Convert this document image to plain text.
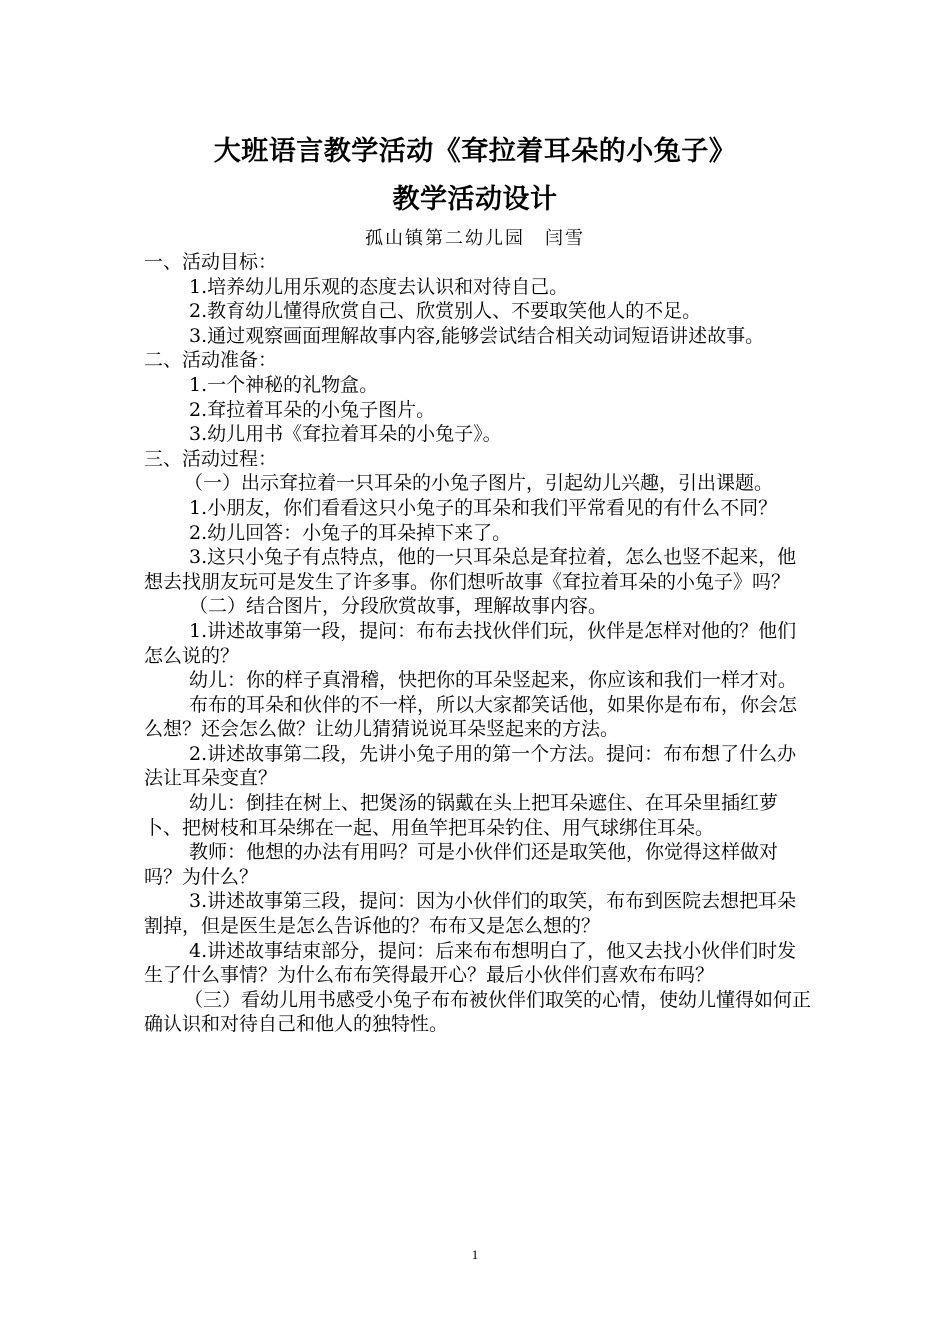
大班语言教学活动《耷拉着耳朵的小兔子》
教学活动设计
孤山镇第二幼儿园　闫雪

一、活动目标：

1.培养幼儿用乐观的态度去认识和对待自己。

2.教育幼儿懂得欣赏自己、欣赏别人、不要取笑他人的不足。

3.通过观察画面理解故事内容,能够尝试结合相关动词短语讲述故事。

二、活动准备：

1.一个神秘的礼物盒。

2.耷拉着耳朵的小兔子图片。

3.幼儿用书《耷拉着耳朵的小兔子》。

三、活动过程：

（一）出示耷拉着一只耳朵的小兔子图片，引起幼儿兴趣，引出课题。

1.小朋友，你们看看这只小兔子的耳朵和我们平常看见的有什么不同？

2.幼儿回答：小兔子的耳朵掉下来了。

3.这只小兔子有点特点，他的一只耳朵总是耷拉着，怎么也竖不起来，他想去找朋友玩可是发生了许多事。你们想听故事《耷拉着耳朵的小兔子》吗？

（二）结合图片，分段欣赏故事，理解故事内容。

1.讲述故事第一段，提问：布布去找伙伴们玩，伙伴是怎样对他的？他们怎么说的？

幼儿：你的样子真滑稽，快把你的耳朵竖起来，你应该和我们一样才对。

布布的耳朵和伙伴的不一样，所以大家都笑话他，如果你是布布，你会怎么想？还会怎么做？让幼儿猜猜说说耳朵竖起来的方法。

2.讲述故事第二段，先讲小兔子用的第一个方法。提问：布布想了什么办法让耳朵变直？

幼儿：倒挂在树上、把煲汤的锅戴在头上把耳朵遮住、在耳朵里插红萝卜、把树枝和耳朵绑在一起、用鱼竿把耳朵钓住、用气球绑住耳朵。

教师：他想的办法有用吗？可是小伙伴们还是取笑他，你觉得这样做对吗？为什么？

3.讲述故事第三段，提问：因为小伙伴们的取笑，布布到医院去想把耳朵割掉，但是医生是怎么告诉他的？布布又是怎么想的？

4.讲述故事结束部分，提问：后来布布想明白了，他又去找小伙伴们时发生了什么事情？为什么布布笑得最开心？最后小伙伴们喜欢布布吗？

（三）看幼儿用书感受小兔子布布被伙伴们取笑的心情，使幼儿懂得如何正确认识和对待自己和他人的独特性。

1
